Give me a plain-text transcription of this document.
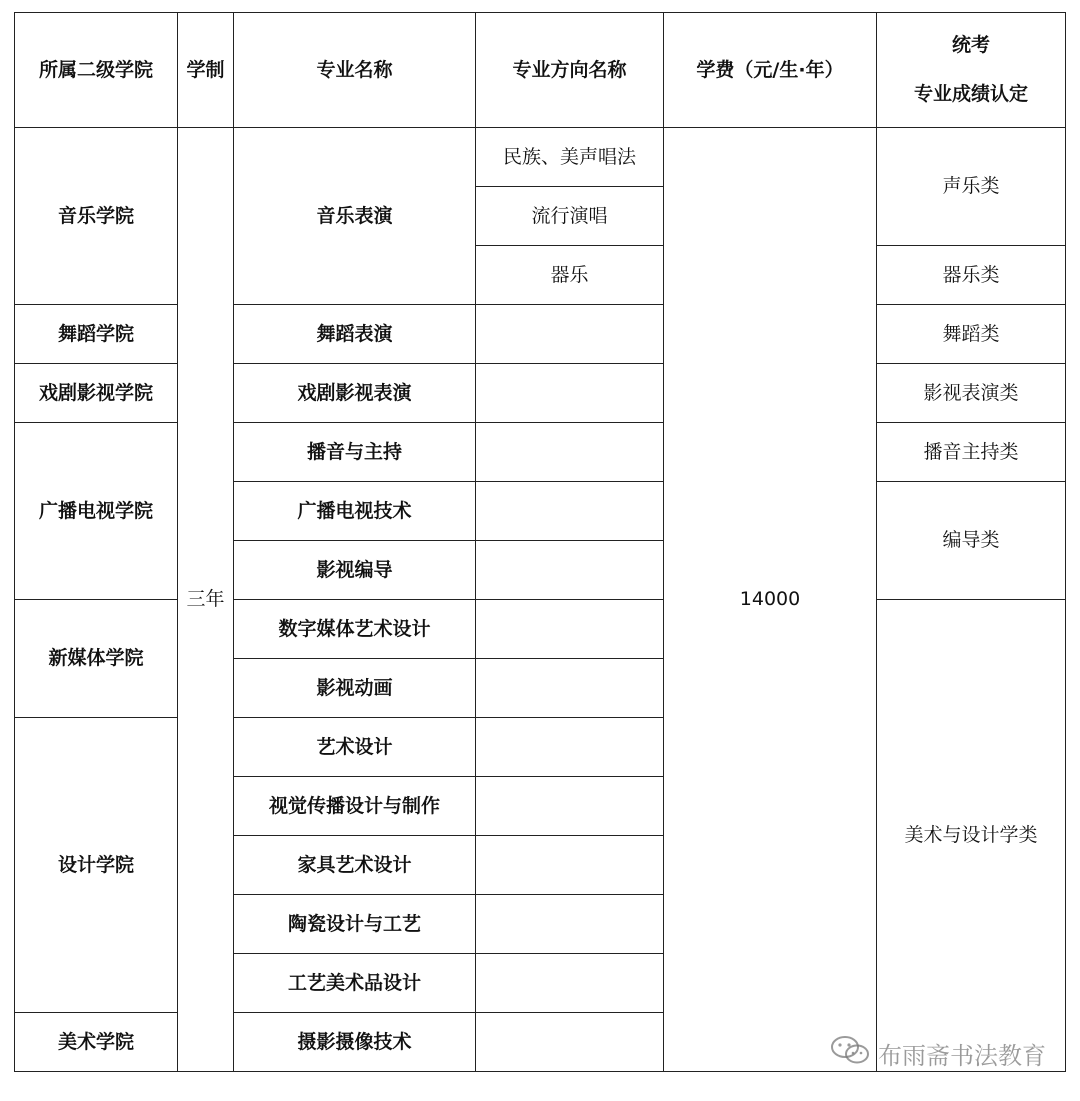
所属二级学院	学制	专业名称	专业方向名称	学费（元/生·年）	统考
专业成绩认定

音乐学院	三年	音乐表演	民族、美声唱法	14000	声乐类
			流行演唱		
			器乐		器乐类
舞蹈学院		舞蹈表演			舞蹈类
戏剧影视学院		戏剧影视表演			影视表演类
广播电视学院		播音与主持			播音主持类
		广播电视技术			编导类
		影视编导			
新媒体学院		数字媒体艺术设计			美术与设计学类
		影视动画			
设计学院		艺术设计			
		视觉传播设计与制作			
		家具艺术设计			
		陶瓷设计与工艺			
		工艺美术品设计			
美术学院		摄影摄像技术				布雨斋书法教育
